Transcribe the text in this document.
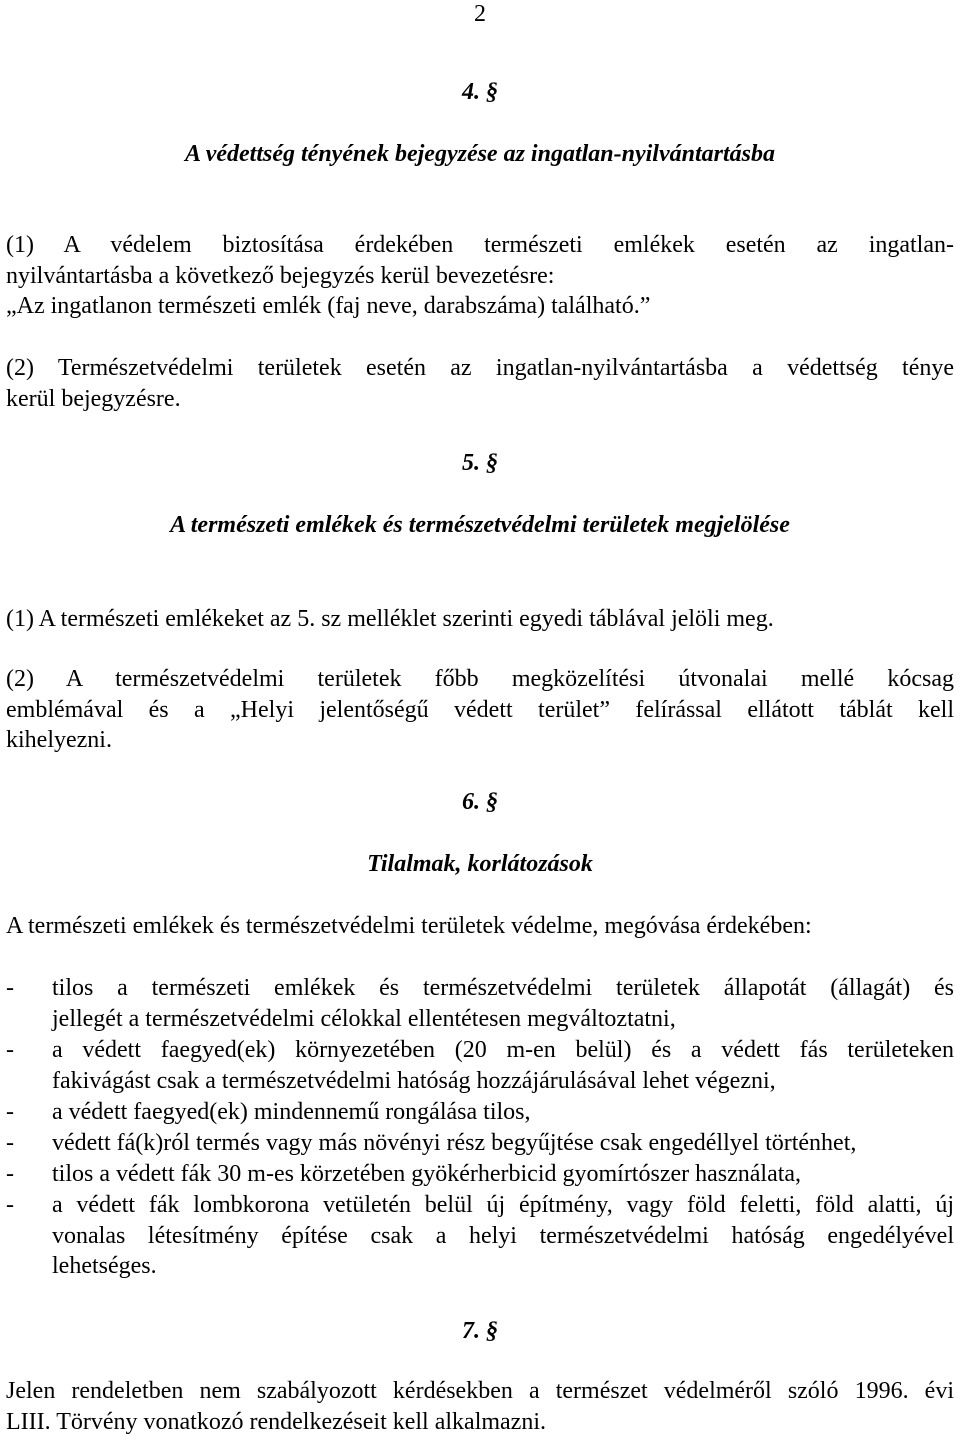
2
4. §
A védettség tényének bejegyzése az ingatlan-nyilvántartásba
(1) A védelem biztosítása érdekében természeti emlékek esetén az ingatlan-
nyilvántartásba a következő bejegyzés kerül bevezetésre:
„Az ingatlanon természeti emlék (faj neve, darabszáma) található.”
(2) Természetvédelmi területek esetén az ingatlan-nyilvántartásba a védettség ténye
kerül bejegyzésre.
5. §
A természeti emlékek és természetvédelmi területek megjelölése
(1) A természeti emlékeket az 5. sz melléklet szerinti egyedi táblával jelöli meg.
(2) A természetvédelmi területek főbb megközelítési útvonalai mellé kócsag
emblémával és a „Helyi jelentőségű védett terület” felírással ellátott táblát kell
kihelyezni.
6. §
Tilalmak, korlátozások
A természeti emlékek és természetvédelmi területek védelme, megóvása érdekében:
- tilos a természeti emlékek és természetvédelmi területek állapotát (állagát) és
jellegét a természetvédelmi célokkal ellentétesen megváltoztatni,
- a védett faegyed(ek) környezetében (20 m-en belül) és a védett fás területeken
fakivágást csak a természetvédelmi hatóság hozzájárulásával lehet végezni,
- a védett faegyed(ek) mindennemű rongálása tilos,
- védett fá(k)ról termés vagy más növényi rész begyűjtése csak engedéllyel történhet,
- tilos a védett fák 30 m-es körzetében gyökérherbicid gyomírtószer használata,
- a védett fák lombkorona vetületén belül új építmény, vagy föld feletti, föld alatti, új
vonalas létesítmény építése csak a helyi természetvédelmi hatóság engedélyével
lehetséges.
7. §
Jelen rendeletben nem szabályozott kérdésekben a természet védelméről szóló 1996. évi
LIII. Törvény vonatkozó rendelkezéseit kell alkalmazni.
